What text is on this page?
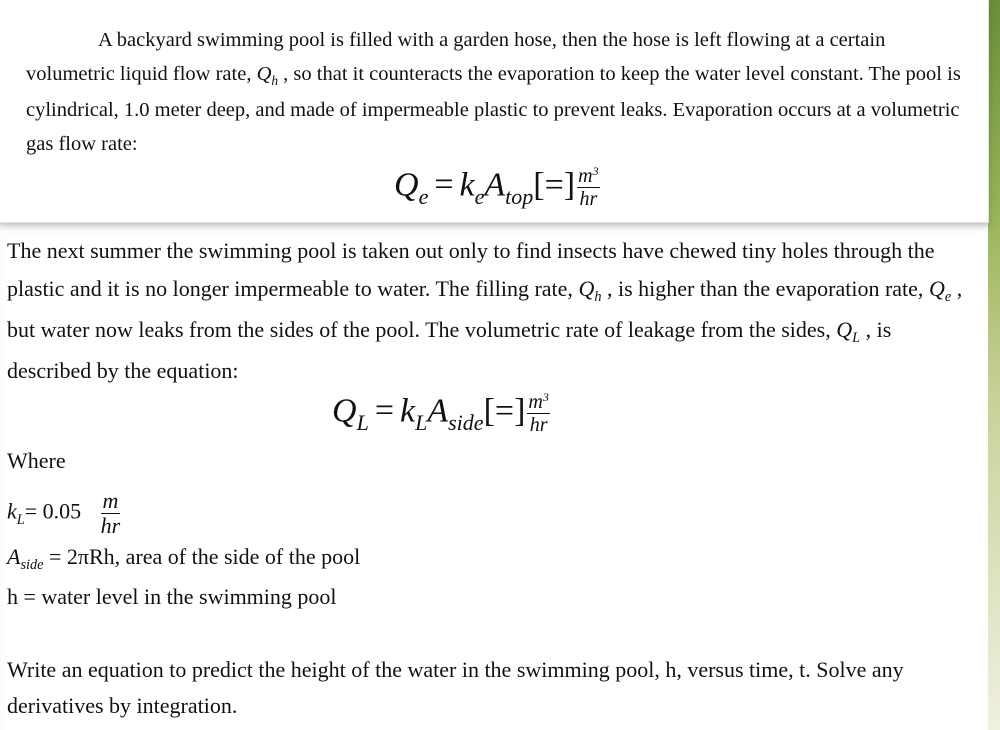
A backyard swimming pool is filled with a garden hose, then the hose is left flowing at a certain volumetric liquid flow rate, $Q_h$ , so that it counteracts the evaporation to keep the water level constant. The pool is cylindrical, 1.0 meter deep, and made of impermeable plastic to prevent leaks. Evaporation occurs at a volumetric gas flow rate:
$Q_e = k_eA_{top}[=] \frac{m^3}{hr}$
The next summer the swimming pool is taken out only to find insects have chewed tiny holes through the plastic and it is no longer impermeable to water. The filling rate, $Q_h$ , is higher than the evaporation rate, $Q_e$ , but water now leaks from the sides of the pool. The volumetric rate of leakage from the sides, $Q_L$ , is described by the equation:
$Q_L = k_LA_{side}[=] \frac{m^3}{hr}$
Where
$k_L= 0.05 \frac{m}{hr}$
$A_{side} = 2\pi Rh$, area of the side of the pool
h = water level in the swimming pool
Write an equation to predict the height of the water in the swimming pool, h, versus time, t. Solve any derivatives by integration.
